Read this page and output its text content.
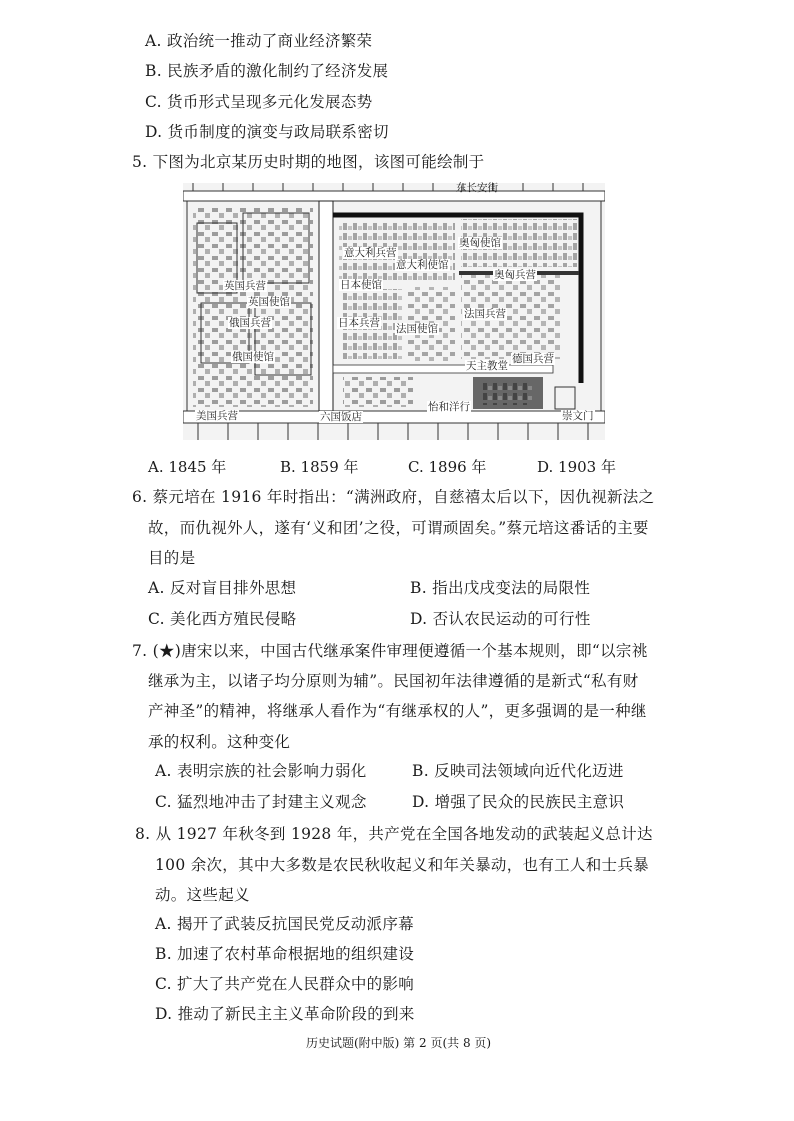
A. 政治统一推动了商业经济繁荣
B. 民族矛盾的激化制约了经济发展
C. 货币形式呈现多元化发展态势
D. 货币制度的演变与政局联系密切
5. 下图为北京某历史时期的地图，该图可能绘制于
东长安街
奥匈使馆
奥匈兵营
意大利兵营
意大利使馆
英国兵营
英国使馆
日本使馆
俄国兵营	日本兵营 法国使馆
法国兵营
俄国使馆
天主教堂
德国兵营
美国兵营	六国饭店
怡和洋行
崇文门
A. 1845 年	B. 1859 年	C. 1896 年	D. 1903 年
6. 蔡元培在 1916 年时指出：“满洲政府，自慈禧太后以下，因仇视新法之
故，而仇视外人，遂有‘义和团’之役，可谓顽固矣。”蔡元培这番话的主要
目的是
A. 反对盲目排外思想	B. 指出戊戌变法的局限性
C. 美化西方殖民侵略	D. 否认农民运动的可行性
7. (★)唐宋以来，中国古代继承案件审理便遵循一个基本规则，即“以宗祧
继承为主，以诸子均分原则为辅”。民国初年法律遵循的是新式“私有财
产神圣”的精神，将继承人看作为“有继承权的人”，更多强调的是一种继
承的权利。这种变化
A. 表明宗族的社会影响力弱化	B. 反映司法领域向近代化迈进
C. 猛烈地冲击了封建主义观念	D. 增强了民众的民族民主意识
8. 从 1927 年秋冬到 1928 年，共产党在全国各地发动的武装起义总计达
100 余次，其中大多数是农民秋收起义和年关暴动，也有工人和士兵暴
动。这些起义
A. 揭开了武装反抗国民党反动派序幕
B. 加速了农村革命根据地的组织建设
C. 扩大了共产党在人民群众中的影响
D. 推动了新民主主义革命阶段的到来
历史试题(附中版) 第 2 页(共 8 页)
